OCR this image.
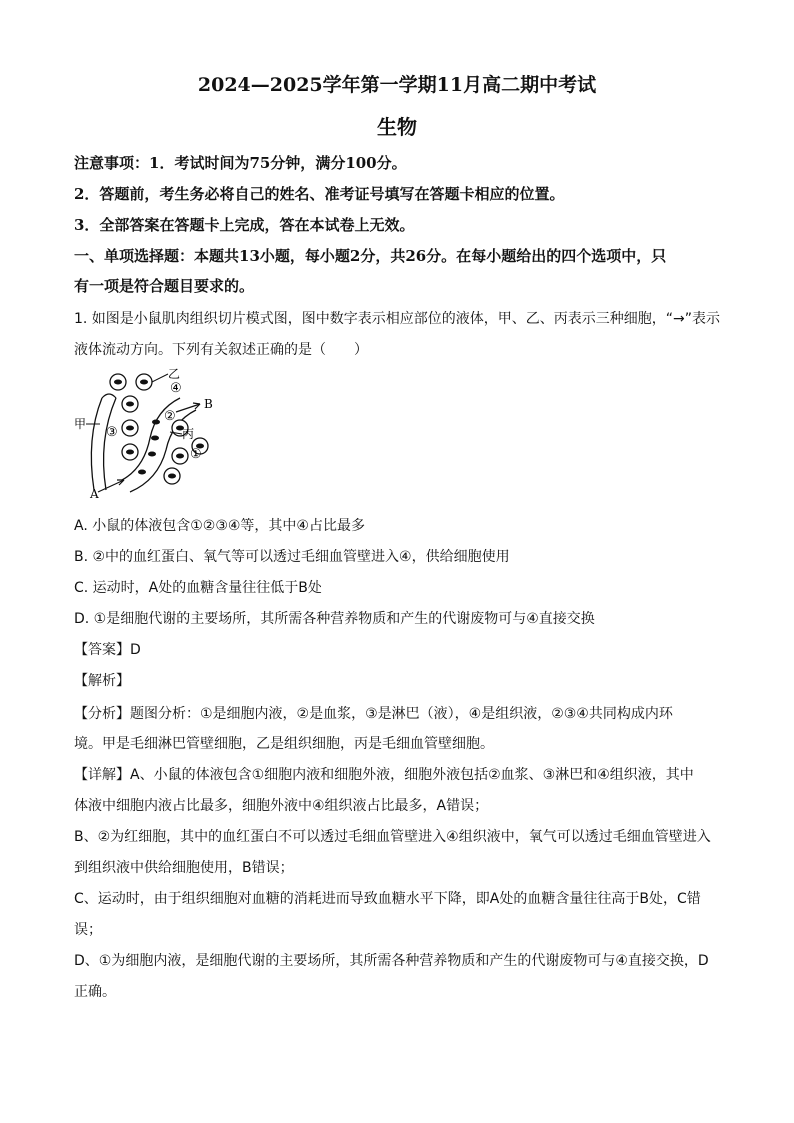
2024—2025学年第一学期11月高二期中考试
生物
注意事项：1．考试时间为75分钟，满分100分。
2．答题前，考生务必将自己的姓名、准考证号填写在答题卡相应的位置。
3．全部答案在答题卡上完成，答在本试卷上无效。
一、单项选择题：本题共13小题，每小题2分，共26分。在每小题给出的四个选项中，只
有一项是符合题目要求的。
1. 如图是小鼠肌肉组织切片模式图，图中数字表示相应部位的液体，甲、乙、丙表示三种细胞，“→”表示
液体流动方向。下列有关叙述正确的是（　　）
甲
乙
丙
③
④
②
①
B
A
A. 小鼠的体液包含①②③④等，其中④占比最多
B. ②中的血红蛋白、氧气等可以透过毛细血管壁进入④，供给细胞使用
C. 运动时，A处的血糖含量往往低于B处
D. ①是细胞代谢的主要场所，其所需各种营养物质和产生的代谢废物可与④直接交换
【答案】D
【解析】
【分析】题图分析：①是细胞内液，②是血浆，③是淋巴（液），④是组织液，②③④共同构成内环
境。甲是毛细淋巴管壁细胞，乙是组织细胞，丙是毛细血管壁细胞。
【详解】A、小鼠的体液包含①细胞内液和细胞外液，细胞外液包括②血浆、③淋巴和④组织液，其中
体液中细胞内液占比最多，细胞外液中④组织液占比最多，A错误；
B、②为红细胞，其中的血红蛋白不可以透过毛细血管壁进入④组织液中，氧气可以透过毛细血管壁进入
到组织液中供给细胞使用，B错误；
C、运动时，由于组织细胞对血糖的消耗进而导致血糖水平下降，即A处的血糖含量往往高于B处，C错
误；
D、①为细胞内液，是细胞代谢的主要场所，其所需各种营养物质和产生的代谢废物可与④直接交换，D
正确。
